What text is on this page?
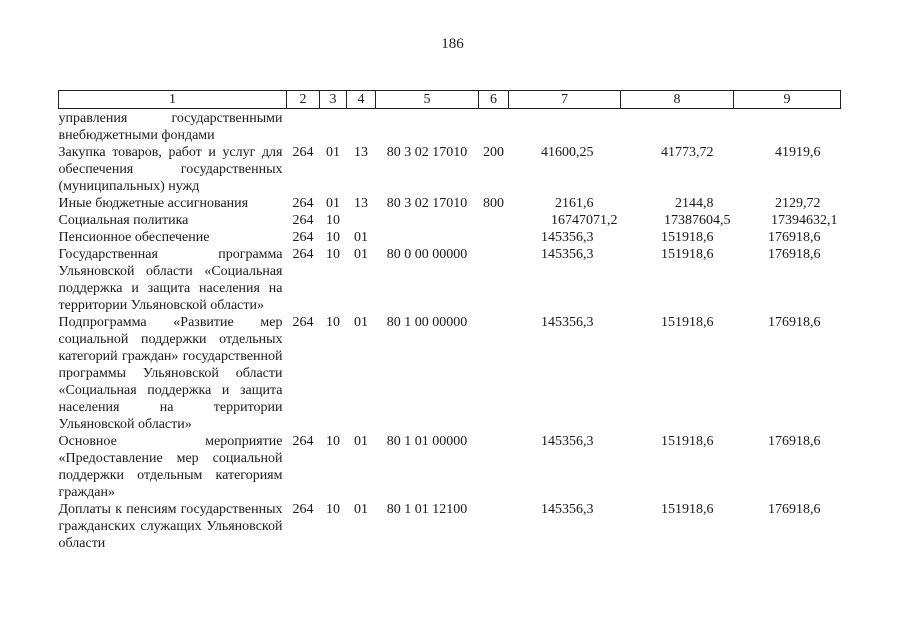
186
1	2	3	4	5	6	7	8	9
управления государственными внебюджетными фондами								
Закупка товаров, работ и услуг для обеспечения государственных (муниципальных) нужд	264	01	13	80 3 02 17010	200	41600,25	41773,72	41919,6
Иные бюджетные ассигнования	264	01	13	80 3 02 17010	800	2161,6	2144,8	2129,72
Социальная политика	264	10				16747071,2	17387604,5	17394632,1
Пенсионное обеспечение	264	10	01			145356,3	151918,6	176918,6
Государственная программа Ульяновской области «Социальная поддержка и защита населения на территории Ульяновской области»	264	10	01	80 0 00 00000		145356,3	151918,6	176918,6
Подпрограмма «Развитие мер социальной поддержки отдельных категорий граждан» государственной программы Ульяновской области «Социальная поддержка и защита населения на территории Ульяновской области»	264	10	01	80 1 00 00000		145356,3	151918,6	176918,6
Основное мероприятие «Предоставление мер социальной поддержки отдельным категориям граждан»	264	10	01	80 1 01 00000		145356,3	151918,6	176918,6
Доплаты к пенсиям государственных гражданских служащих Ульяновской области	264	10	01	80 1 01 12100		145356,3	151918,6	176918,6
